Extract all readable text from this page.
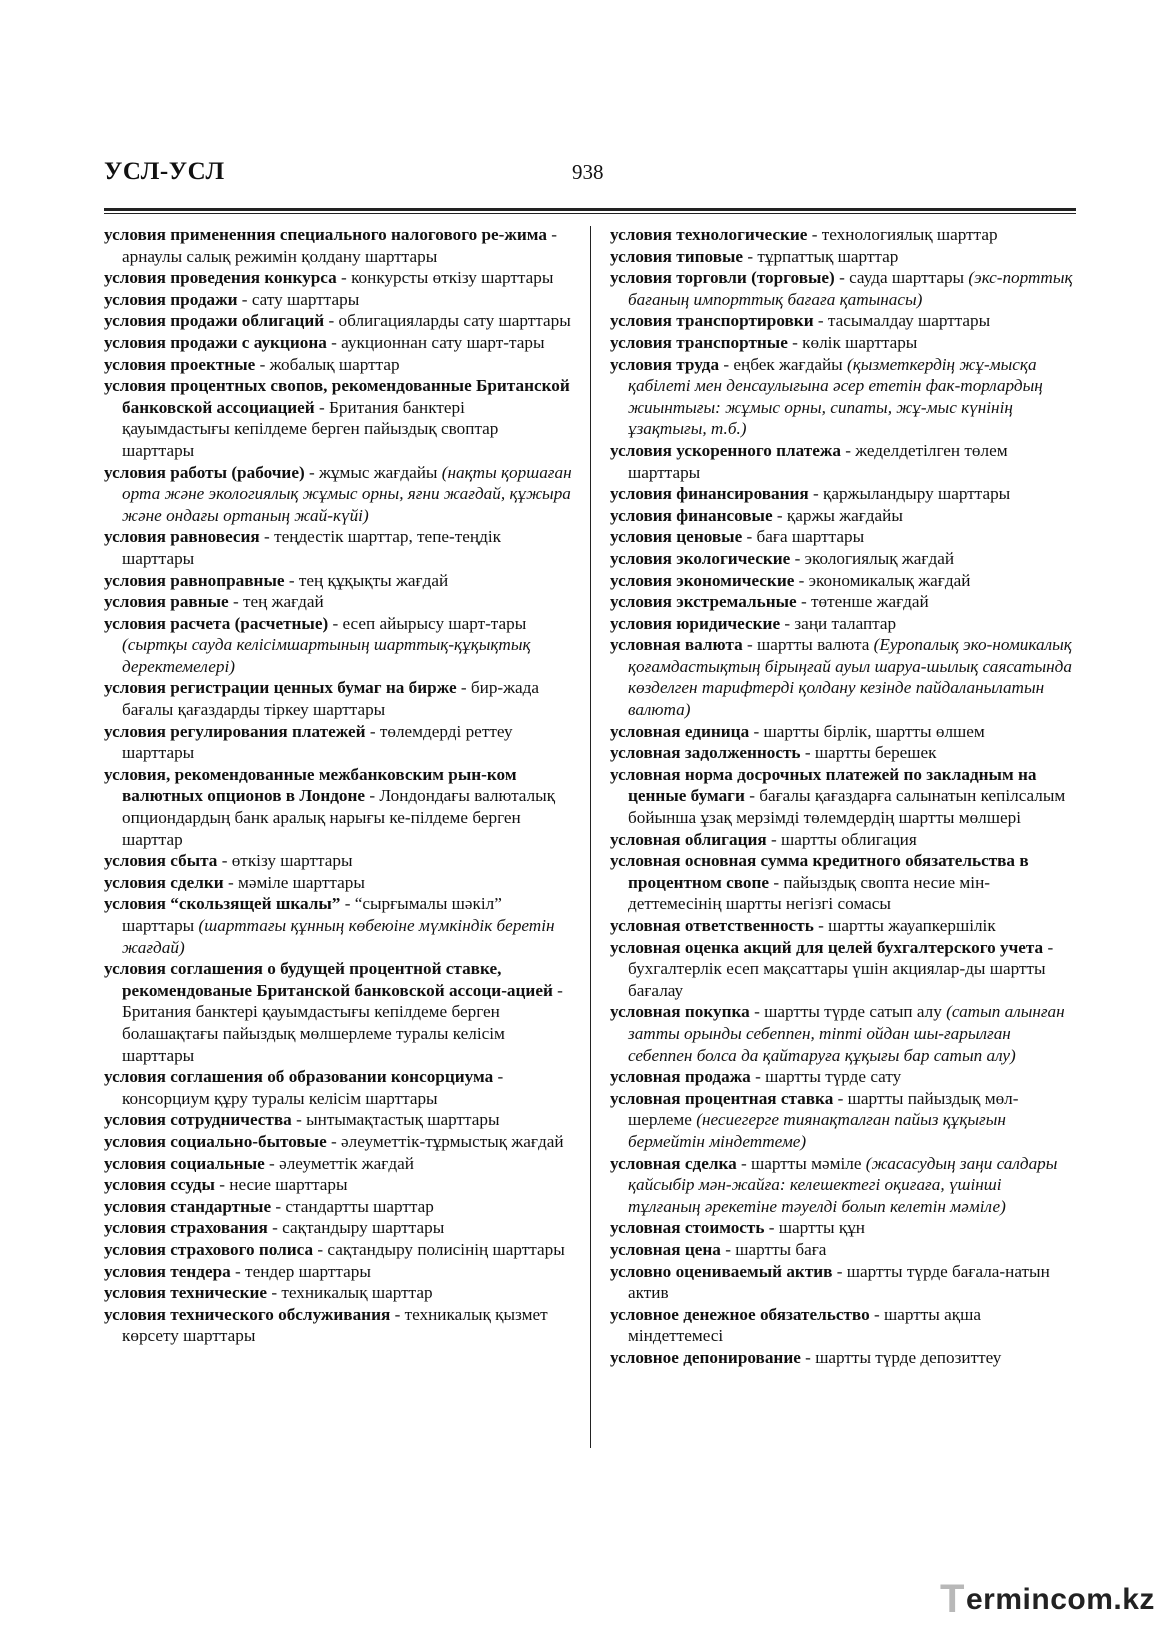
УСЛ-УСЛ	938
условия примененния специального налогового ре-жима - арнаулы салық режимін қолдану шарттары
условия проведения конкурса - конкурсты өткізу шарттары
условия продажи - сату шарттары
условия продажи облигаций - облигацияларды сату шарттары
условия продажи с аукциона - аукционнан сату шарт-тары
условия проектные - жобалық шарттар
условия процентных свопов, рекомендованные Британской банковской ассоциацией - Британия банктері қауымдастығы кепілдеме берген пайыздық своптар шарттары
условия работы (рабочие) - жұмыс жағдайы (нақты қоршаған орта және экологиялық жұмыс орны, яғни жағдай, құжыра және ондағы ортаның жай-күйі)
условия равновесия - теңдестік шарттар, тепе-теңдік шарттары
условия равноправные - тең құқықты жағдай
условия равные - тең жағдай
условия расчета (расчетные) - есеп айырысу шарт-тары (сыртқы сауда келісімшартының шарттық-құқықтық деректемелері)
условия регистрации ценных бумаг на бирже - бир-жада бағалы қағаздарды тіркеу шарттары
условия регулирования платежей - төлемдерді реттеу шарттары
условия, рекомендованные межбанковским рын-ком валютных опционов в Лондоне - Лондондағы валюталық опциондардың банк аралық нарығы ке-пілдеме берген шарттар
условия сбыта - өткізу шарттары
условия сделки - мәміле шарттары
условия “скользящей шкалы” - “сырғымалы шәкіл” шарттары (шарттағы құнның көбеюіне мүмкіндік беретін жағдай)
условия соглашения о будущей процентной ставке, рекомендованые Британской банковской ассоци-ацией - Британия банктері қауымдастығы кепілдеме берген болашақтағы пайыздық мөлшерлеме туралы келісім шарттары
условия соглашения об образовании консорциума - консорциум құру туралы келісім шарттары
условия сотрудничества - ынтымақтастық шарттары
условия социально-бытовые - әлеуметтік-тұрмыстық жағдай
условия социальные - әлеуметтік жағдай
условия ссуды - несие шарттары
условия стандартные - стандартты шарттар
условия страхования - сақтандыру шарттары
условия страхового полиса - сақтандыру полисінің шарттары
условия тендера - тендер шарттары
условия технические - техникалық шарттар
условия технического обслуживания - техникалық қызмет көрсету шарттары
условия технологические - технологиялық шарттар
условия типовые - тұрпаттық шарттар
условия торговли (торговые) - сауда шарттары (экс-порттық бағаның импорттық бағаға қатынасы)
условия транспортировки - тасымалдау шарттары
условия транспортные - көлік шарттары
условия труда - еңбек жағдайы (қызметкердің жұ-мысқа қабілеті мен денсаулығына әсер ететін фак-торлардың жиынтығы: жұмыс орны, сипаты, жұ-мыс күнінің ұзақтығы, т.б.)
условия ускоренного платежа - жеделдетілген төлем шарттары
условия финансирования - қаржыландыру шарттары
условия финансовые - қаржы жағдайы
условия ценовые - баға шарттары
условия экологические - экологиялық жағдай
условия экономические - экономикалық жағдай
условия экстремальные - төтенше жағдай
условия юридические - заңи талаптар
условная валюта - шартты валюта (Еуропалық эко-номикалық қоғамдастықтың бірыңғай ауыл шаруа-шылық саясатында көзделген тарифтерді қолдану кезінде пайдаланылатын валюта)
условная единица - шартты бірлік, шартты өлшем
условная задолженность - шартты берешек
условная норма досрочных платежей по закладным на ценные бумаги - бағалы қағаздарға салынатын кепілсалым бойынша ұзақ мерзімді төлемдердің шартты мөлшері
условная облигация - шартты облигация
условная основная сумма кредитного обязательства в процентном свопе - пайыздық свопта несие мін-деттемесінің шартты негізгі сомасы
условная ответственность - шартты жауапкершілік
условная оценка акций для целей бухгалтерского учета - бухгалтерлік есеп мақсаттары үшін акциялар-ды шартты бағалау
условная покупка - шартты түрде сатып алу (сатып алынған затты орынды себеппен, тіпті ойдан шы-ғарылған себеппен болса да қайтаруға құқығы бар сатып алу)
условная продажа - шартты түрде сату
условная процентная ставка - шартты пайыздық мөл-шерлеме (несиегерге тиянақталған пайыз құқығын бермейтін міндеттеме)
условная сделка - шартты мәміле (жасасудың заңи салдары қайсыбір мән-жайға: келешектегі оқиғаға, үшінші тұлғаның әрекетіне тәуелді болып келетін мәміле)
условная стоимость - шартты құн
условная цена - шартты баға
условно оцениваемый актив - шартты түрде бағала-натын актив
условное денежное обязательство - шартты ақша міндеттемесі
условное депонирование - шартты түрде депозиттеу
T ermincom.kz
